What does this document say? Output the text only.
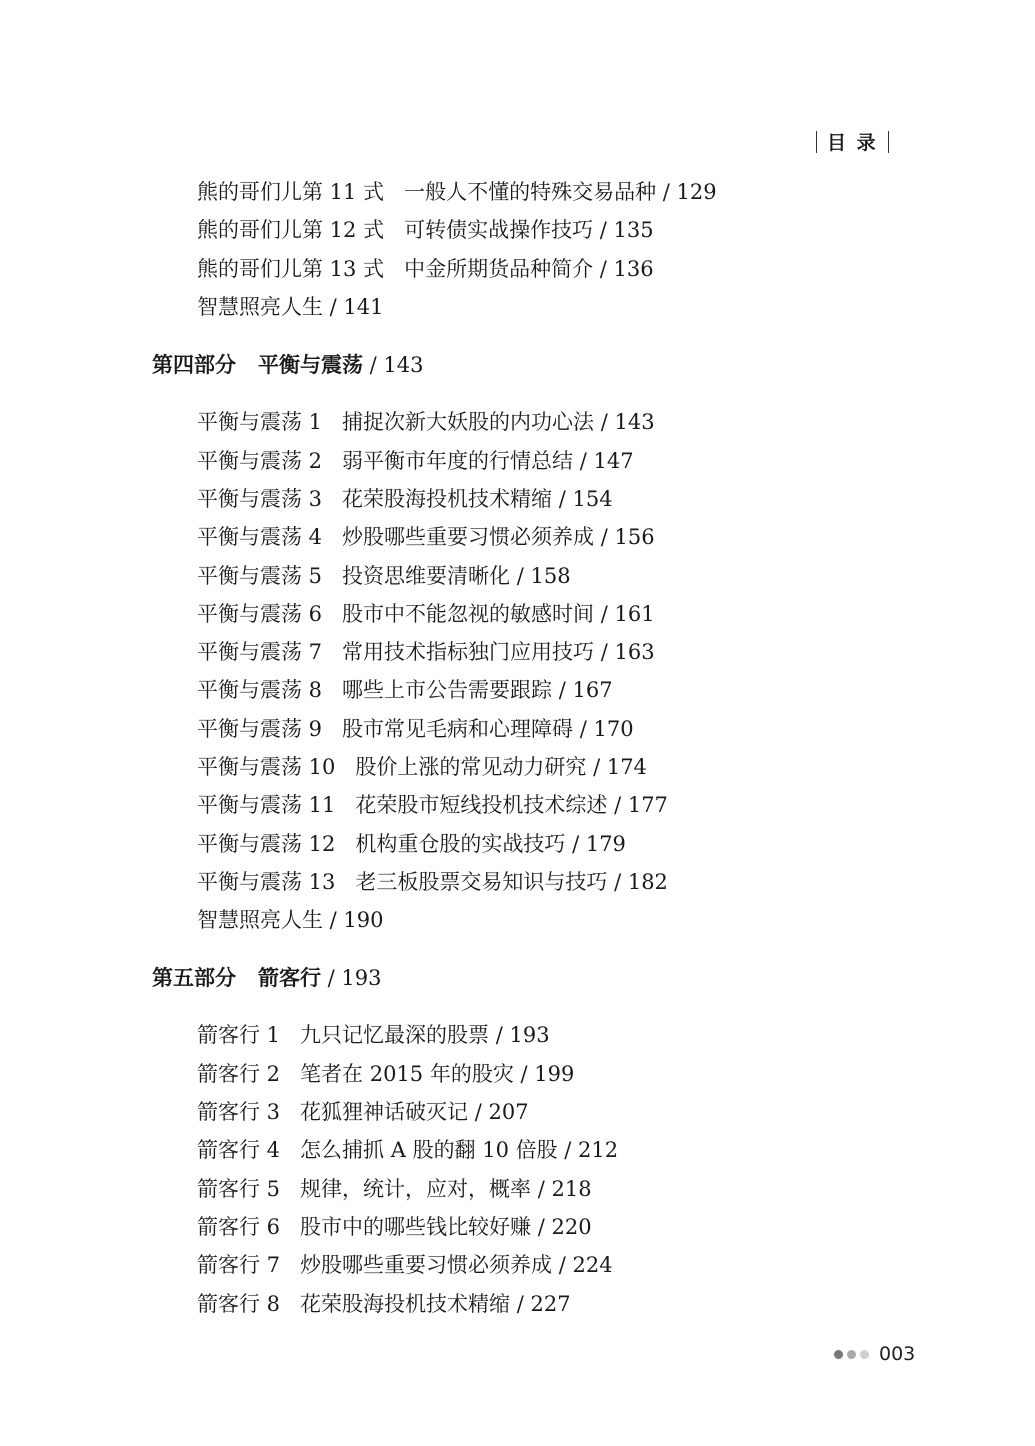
目 录
熊的哥们儿第 11 式 一般人不懂的特殊交易品种 / 129
熊的哥们儿第 12 式 可转债实战操作技巧 / 135
熊的哥们儿第 13 式 中金所期货品种简介 / 136
智慧照亮人生 / 141
第四部分 平衡与震荡 / 143
平衡与震荡 1 捕捉次新大妖股的内功心法 / 143
平衡与震荡 2 弱平衡市年度的行情总结 / 147
平衡与震荡 3 花荣股海投机技术精缩 / 154
平衡与震荡 4 炒股哪些重要习惯必须养成 / 156
平衡与震荡 5 投资思维要清晰化 / 158
平衡与震荡 6 股市中不能忽视的敏感时间 / 161
平衡与震荡 7 常用技术指标独门应用技巧 / 163
平衡与震荡 8 哪些上市公告需要跟踪 / 167
平衡与震荡 9 股市常见毛病和心理障碍 / 170
平衡与震荡 10 股价上涨的常见动力研究 / 174
平衡与震荡 11 花荣股市短线投机技术综述 / 177
平衡与震荡 12 机构重仓股的实战技巧 / 179
平衡与震荡 13 老三板股票交易知识与技巧 / 182
智慧照亮人生 / 190
第五部分 箭客行 / 193
箭客行 1 九只记忆最深的股票 / 193
箭客行 2 笔者在 2015 年的股灾 / 199
箭客行 3 花狐狸神话破灭记 / 207
箭客行 4 怎么捕抓 A 股的翻 10 倍股 / 212
箭客行 5 规律，统计，应对，概率 / 218
箭客行 6 股市中的哪些钱比较好赚 / 220
箭客行 7 炒股哪些重要习惯必须养成 / 224
箭客行 8 花荣股海投机技术精缩 / 227
003
